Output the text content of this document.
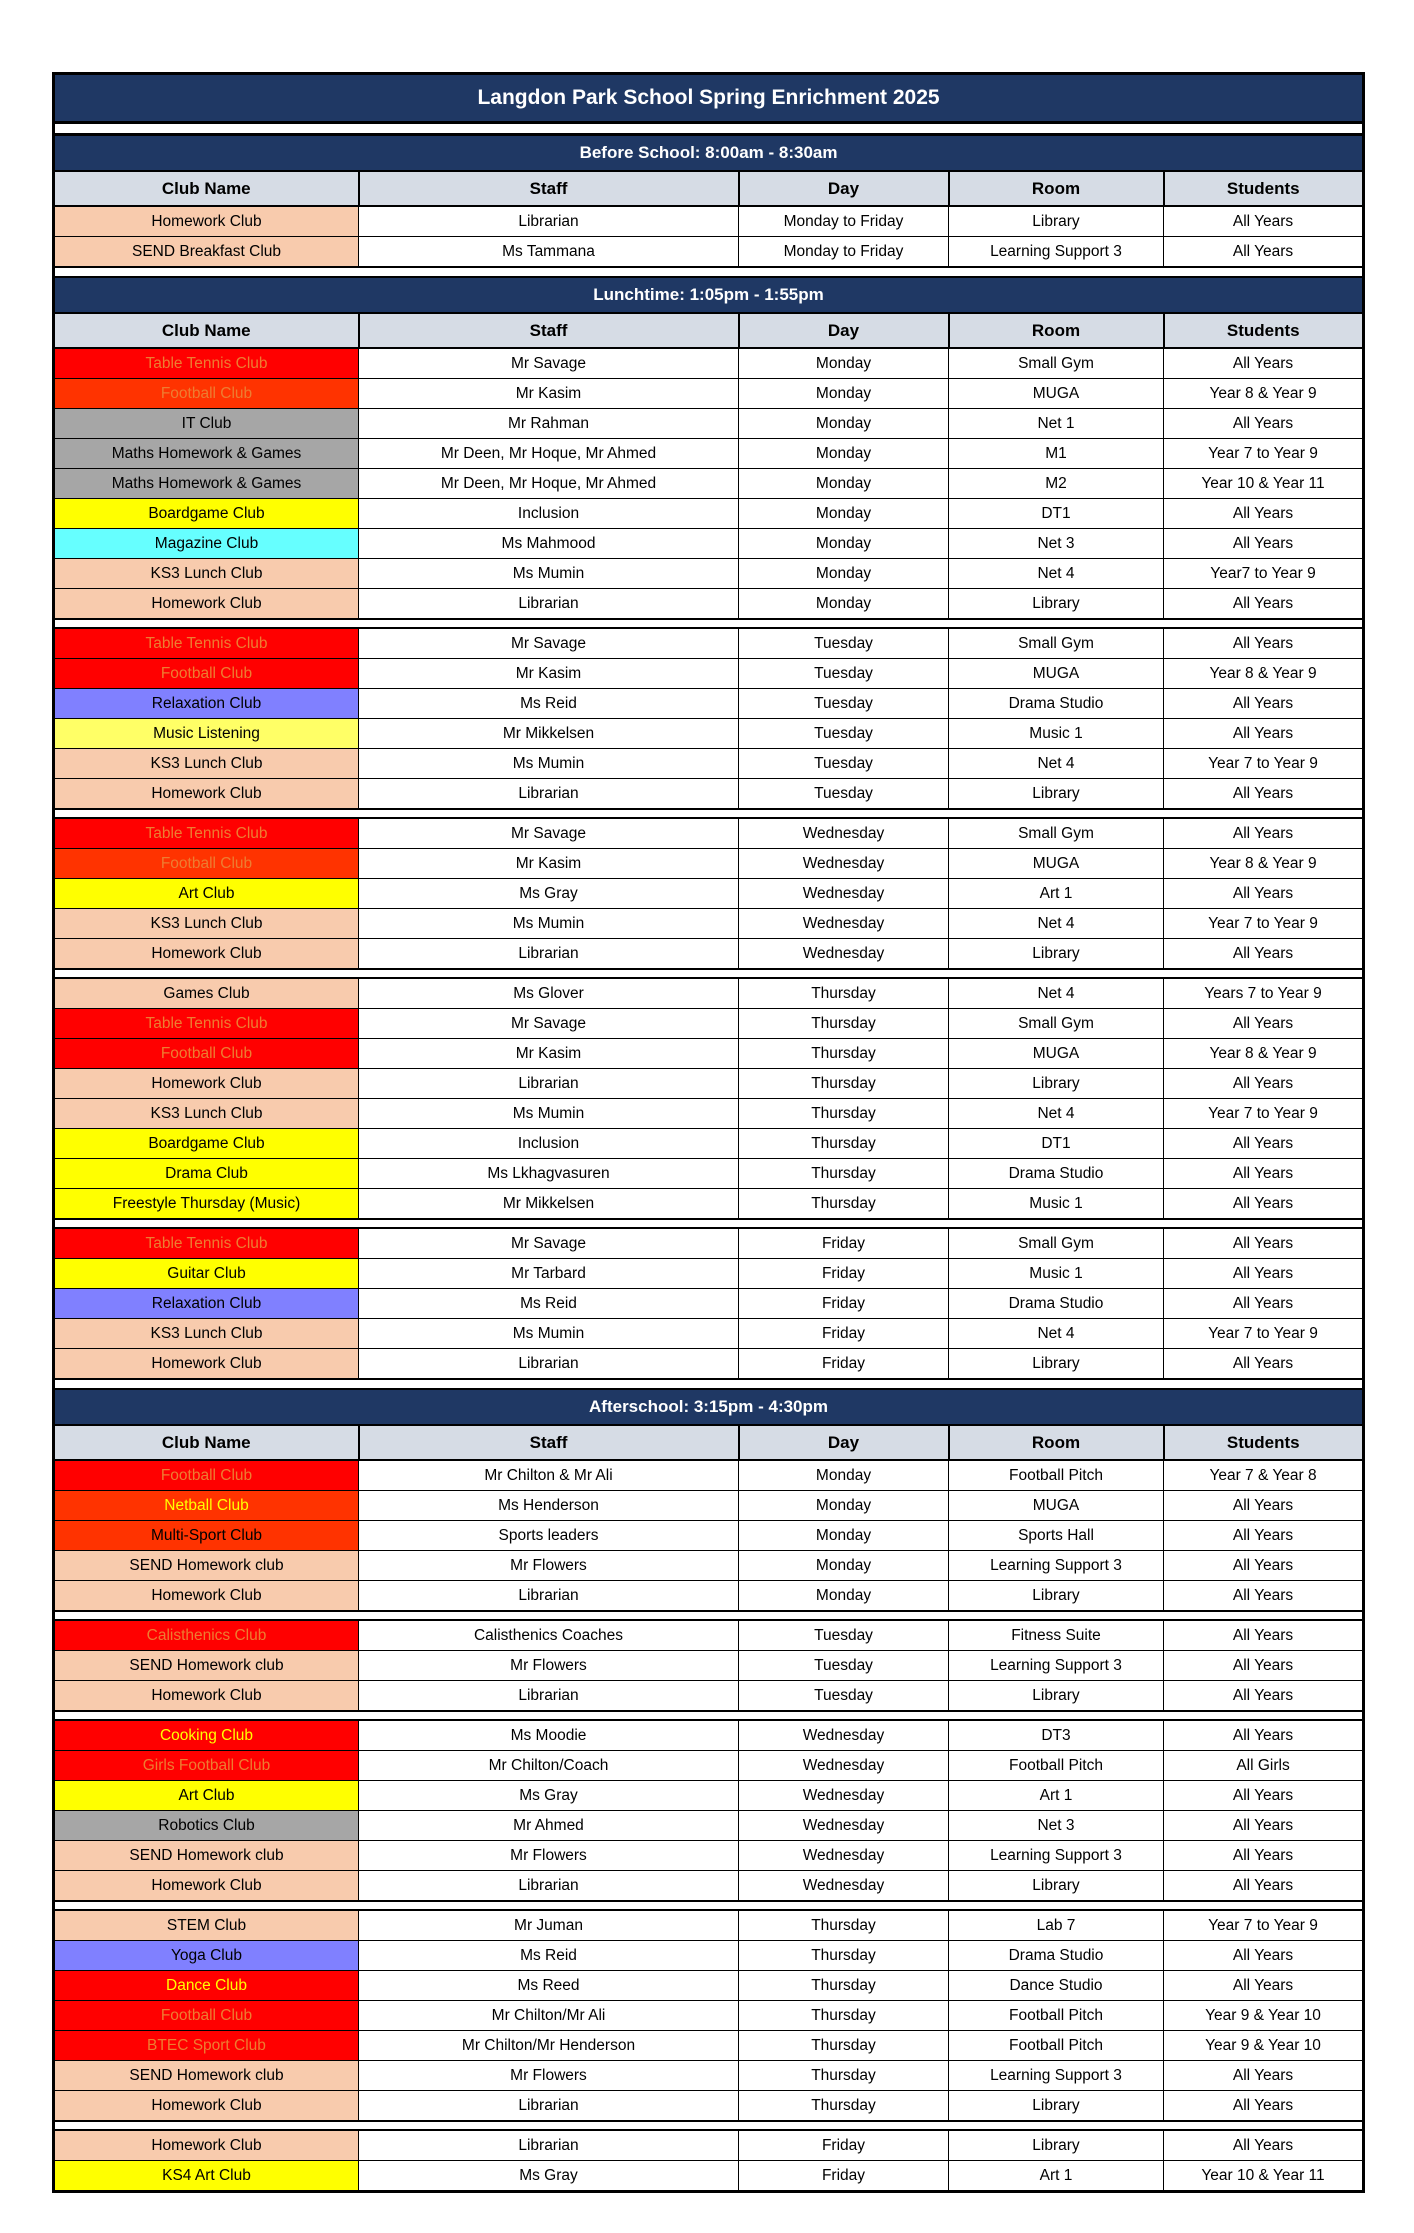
Langdon Park School Spring Enrichment 2025				

Before School: 8:00am - 8:30am				
Club Name	Staff	Day	Room	Students
Homework Club	Librarian	Monday to Friday	Library	All Years
SEND Breakfast Club	Ms Tammana	Monday to Friday	Learning Support 3	All Years

Lunchtime: 1:05pm - 1:55pm				
Club Name	Staff	Day	Room	Students
Table Tennis Club	Mr Savage	Monday	Small Gym	All Years
Football Club	Mr Kasim	Monday	MUGA	Year 8 & Year 9
IT Club	Mr Rahman	Monday	Net 1	All Years
Maths Homework & Games	Mr Deen, Mr Hoque, Mr Ahmed	Monday	M1	Year 7 to Year 9
Maths Homework & Games	Mr Deen, Mr Hoque, Mr Ahmed	Monday	M2	Year 10 & Year 11
Boardgame Club	Inclusion	Monday	DT1	All Years
Magazine Club	Ms Mahmood	Monday	Net 3	All Years
KS3 Lunch Club	Ms Mumin	Monday	Net 4	Year7 to Year 9
Homework Club	Librarian	Monday	Library	All Years

Table Tennis Club	Mr Savage	Tuesday	Small Gym	All Years
Football Club	Mr Kasim	Tuesday	MUGA	Year 8 & Year 9
Relaxation Club	Ms Reid	Tuesday	Drama Studio	All Years
Music Listening	Mr Mikkelsen	Tuesday	Music 1	All Years
KS3 Lunch Club	Ms Mumin	Tuesday	Net 4	Year 7 to Year 9
Homework Club	Librarian	Tuesday	Library	All Years

Table Tennis Club	Mr Savage	Wednesday	Small Gym	All Years
Football Club	Mr Kasim	Wednesday	MUGA	Year 8 & Year 9
Art Club	Ms Gray	Wednesday	Art 1	All Years
KS3 Lunch Club	Ms Mumin	Wednesday	Net 4	Year 7 to Year 9
Homework Club	Librarian	Wednesday	Library	All Years

Games Club	Ms Glover	Thursday	Net 4	Years 7 to Year 9
Table Tennis Club	Mr Savage	Thursday	Small Gym	All Years
Football Club	Mr Kasim	Thursday	MUGA	Year 8 & Year 9
Homework Club	Librarian	Thursday	Library	All Years
KS3 Lunch Club	Ms Mumin	Thursday	Net 4	Year 7 to Year 9
Boardgame Club	Inclusion	Thursday	DT1	All Years
Drama Club	Ms Lkhagvasuren	Thursday	Drama Studio	All Years
Freestyle Thursday (Music)	Mr Mikkelsen	Thursday	Music 1	All Years

Table Tennis Club	Mr Savage	Friday	Small Gym	All Years
Guitar Club	Mr Tarbard	Friday	Music 1	All Years
Relaxation Club	Ms Reid	Friday	Drama Studio	All Years
KS3 Lunch Club	Ms Mumin	Friday	Net 4	Year 7 to Year 9
Homework Club	Librarian	Friday	Library	All Years

Afterschool: 3:15pm - 4:30pm				
Club Name	Staff	Day	Room	Students
Football Club	Mr Chilton & Mr Ali	Monday	Football Pitch	Year 7 & Year 8
Netball Club	Ms Henderson	Monday	MUGA	All Years
Multi-Sport Club	Sports leaders	Monday	Sports Hall	All Years
SEND Homework club	Mr Flowers	Monday	Learning Support 3	All Years
Homework Club	Librarian	Monday	Library	All Years

Calisthenics Club	Calisthenics Coaches	Tuesday	Fitness Suite	All Years
SEND Homework club	Mr Flowers	Tuesday	Learning Support 3	All Years
Homework Club	Librarian	Tuesday	Library	All Years

Cooking Club	Ms Moodie	Wednesday	DT3	All Years
Girls Football Club	Mr Chilton/Coach	Wednesday	Football Pitch	All Girls
Art Club	Ms Gray	Wednesday	Art 1	All Years
Robotics Club	Mr Ahmed	Wednesday	Net 3	All Years
SEND Homework club	Mr Flowers	Wednesday	Learning Support 3	All Years
Homework Club	Librarian	Wednesday	Library	All Years

STEM Club	Mr Juman	Thursday	Lab 7	Year 7 to Year 9
Yoga Club	Ms Reid	Thursday	Drama Studio	All Years
Dance Club	Ms Reed	Thursday	Dance Studio	All Years
Football Club	Mr Chilton/Mr Ali	Thursday	Football Pitch	Year 9 & Year 10
BTEC Sport Club	Mr Chilton/Mr Henderson	Thursday	Football Pitch	Year 9 & Year 10
SEND Homework club	Mr Flowers	Thursday	Learning Support 3	All Years
Homework Club	Librarian	Thursday	Library	All Years

Homework Club	Librarian	Friday	Library	All Years
KS4 Art Club	Ms Gray	Friday	Art 1	Year 10 & Year 11
